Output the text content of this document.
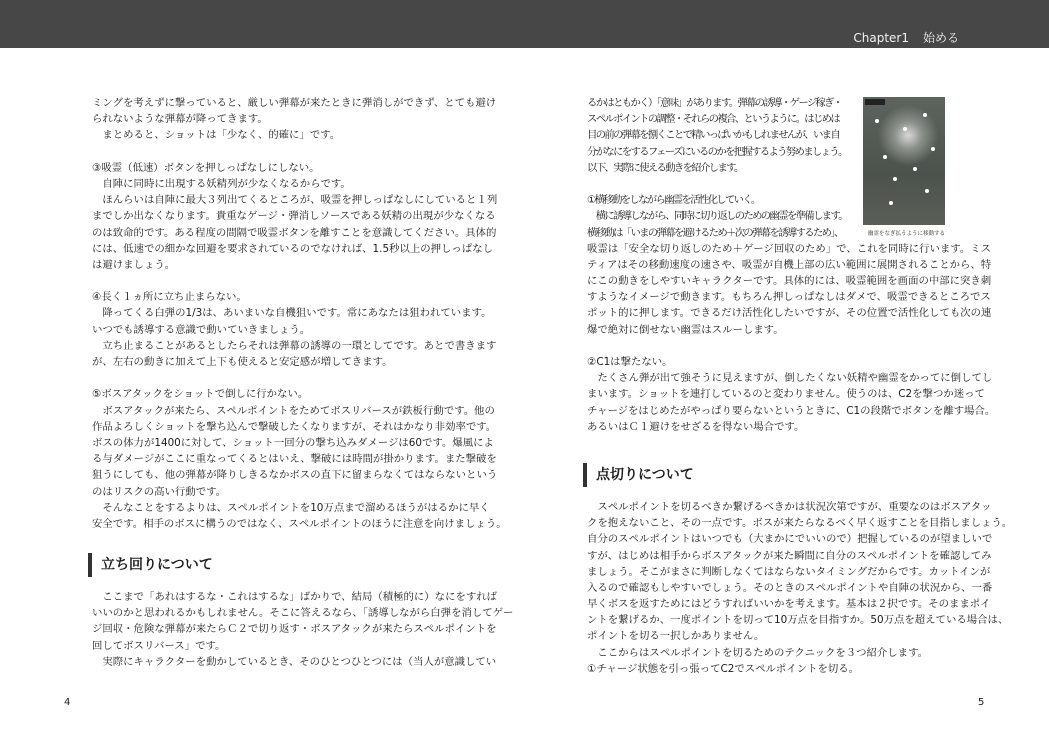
Chapter1 始める
ミングを考えずに撃っていると、厳しい弾幕が来たときに弾消しができず、とても避け
られないような弾幕が降ってきます。
　まとめると、ショットは「少なく、的確に」です。
③吸霊（低速）ボタンを押しっぱなしにしない。
　自陣に同時に出現する妖精列が少なくなるからです。
　ほんらいは自陣に最大３列出てくるところが、吸霊を押しっぱなしにしていると１列
までしか出なくなります。貴重なゲージ・弾消しソースである妖精の出現が少なくなる
のは致命的です。ある程度の間隔で吸霊ボタンを離すことを意識してください。具体的
には、低速での細かな回避を要求されているのでなければ、1.5秒以上の押しっぱなし
は避けましょう。
④長く１ヵ所に立ち止まらない。
　降ってくる白弾の1/3は、あいまいな自機狙いです。常にあなたは狙われています。
いつでも誘導する意識で動いていきましょう。
　立ち止まることがあるとしたらそれは弾幕の誘導の一環としてです。あとで書きます
が、左右の動きに加えて上下も使えると安定感が増してきます。
⑤ボスアタックをショットで倒しに行かない。
　ボスアタックが来たら、スペルポイントをためてボスリバースが鉄板行動です。他の
作品よろしくショットを撃ち込んで撃破したくなりますが、それはかなり非効率です。
ボスの体力が1400に対して、ショット一回分の撃ち込みダメージは60です。爆風によ
る与ダメージがここに重なってくるとはいえ、撃破には時間が掛かります。また撃破を
狙うにしても、他の弾幕が降りしきるなかボスの直下に留まらなくてはならないという
のはリスクの高い行動です。
　そんなことをするよりは、スペルポイントを10万点まで溜めるほうがはるかに早く
安全です。相手のボスに構うのではなく、スペルポイントのほうに注意を向けましょう。
立ち回りについて
　ここまで「あれはするな・これはするな」ばかりで、結局（積極的に）なにをすれば
いいのかと思われるかもしれません。そこに答えるなら、「誘導しながら白弾を消してゲー
ジ回収・危険な弾幕が来たらＣ２で切り返す・ボスアタックが来たらスペルポイントを
回してボスリバース」です。
　実際にキャラクターを動かしているとき、そのひとつひとつには（当人が意識してい
るかはともかく）「意味」があります。弾幕の誘導・ゲージ稼ぎ・
スペルポイントの調整・それらの複合、というように。はじめは
目の前の弾幕を捌くことで精いっぱいかもしれませんが、いま自
分がなにをするフェーズにいるのかを把握するよう努めましょう。
以下、実際に使える動きを紹介します。
①横移動をしながら幽霊を活性化していく。
　横に誘導しながら、同時に切り返しのための幽霊を準備します。
横移動は「いまの弾幕を避けるため＋次の弾幕を誘導するため」、
吸霊は「安全な切り返しのため＋ゲージ回収のため」で、これを同時に行います。ミス
ティアはその移動速度の速さや、吸霊が自機上部の広い範囲に展開されることから、特
にこの動きをしやすいキャラクターです。具体的には、吸霊範囲を画面の中部に突き刺
すようなイメージで動きます。もちろん押しっぱなしはダメで、吸霊できるところでス
ポット的に押します。できるだけ活性化したいですが、その位置で活性化しても次の連
爆で絶対に倒せない幽霊はスルーします。
②C1は撃たない。
　たくさん弾が出て強そうに見えますが、倒したくない妖精や幽霊をかってに倒してし
まいます。ショットを連打しているのと変わりません。使うのは、C2を撃つか迷って
チャージをはじめたがやっぱり要らないというときに、C1の段階でボタンを離す場合。
あるいはＣ１避けをせざるを得ない場合です。
点切りについて
　スペルポイントを切るべきか繋げるべきかは状況次第ですが、重要なのはボスアタッ
クを抱えないこと、その一点です。ボスが来たらなるべく早く返すことを目指しましょう。
自分のスペルポイントはいつでも（大まかにでいいので）把握しているのが望ましいで
すが、はじめは相手からボスアタックが来た瞬間に自分のスペルポイントを確認してみ
ましょう。そこがまさに判断しなくてはならないタイミングだからです。カットインが
入るので確認もしやすいでしょう。そのときのスペルポイントや自陣の状況から、一番
早くボスを返すためにはどうすればいいかを考えます。基本は２択です。そのままポイ
ントを繋げるか、一度ポイントを切って10万点を目指すか。50万点を超えている場合は、
ポイントを切る一択しかありません。
　ここからはスペルポイントを切るためのテクニックを３つ紹介します。
①チャージ状態を引っ張ってC2でスペルポイントを切る。
幽霊をなぎ払うように移動する
4	5
